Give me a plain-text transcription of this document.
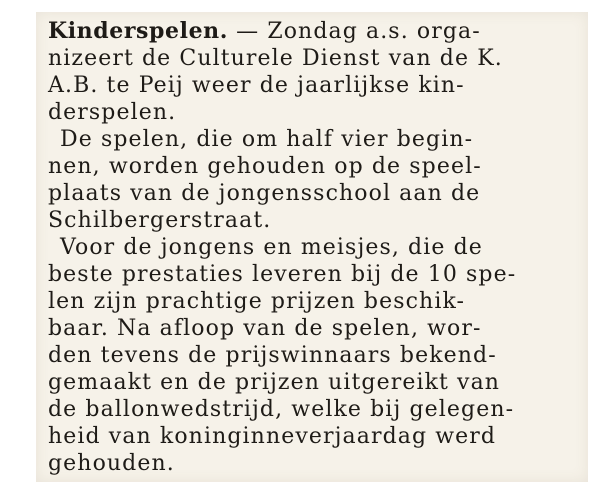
Kinderspelen. — Zondag a.s. orga-
nizeert de Culturele Dienst van de K.
A.B. te Peij weer de jaarlijkse kin-
derspelen.
De spelen, die om half vier begin-
nen, worden gehouden op de speel-
plaats van de jongensschool aan de
Schilbergerstraat.
Voor de jongens en meisjes, die de
beste prestaties leveren bij de 10 spe-
len zijn prachtige prijzen beschik-
baar. Na afloop van de spelen, wor-
den tevens de prijswinnaars bekend-
gemaakt en de prijzen uitgereikt van
de ballonwedstrijd, welke bij gelegen-
heid van koninginneverjaardag werd
gehouden.
